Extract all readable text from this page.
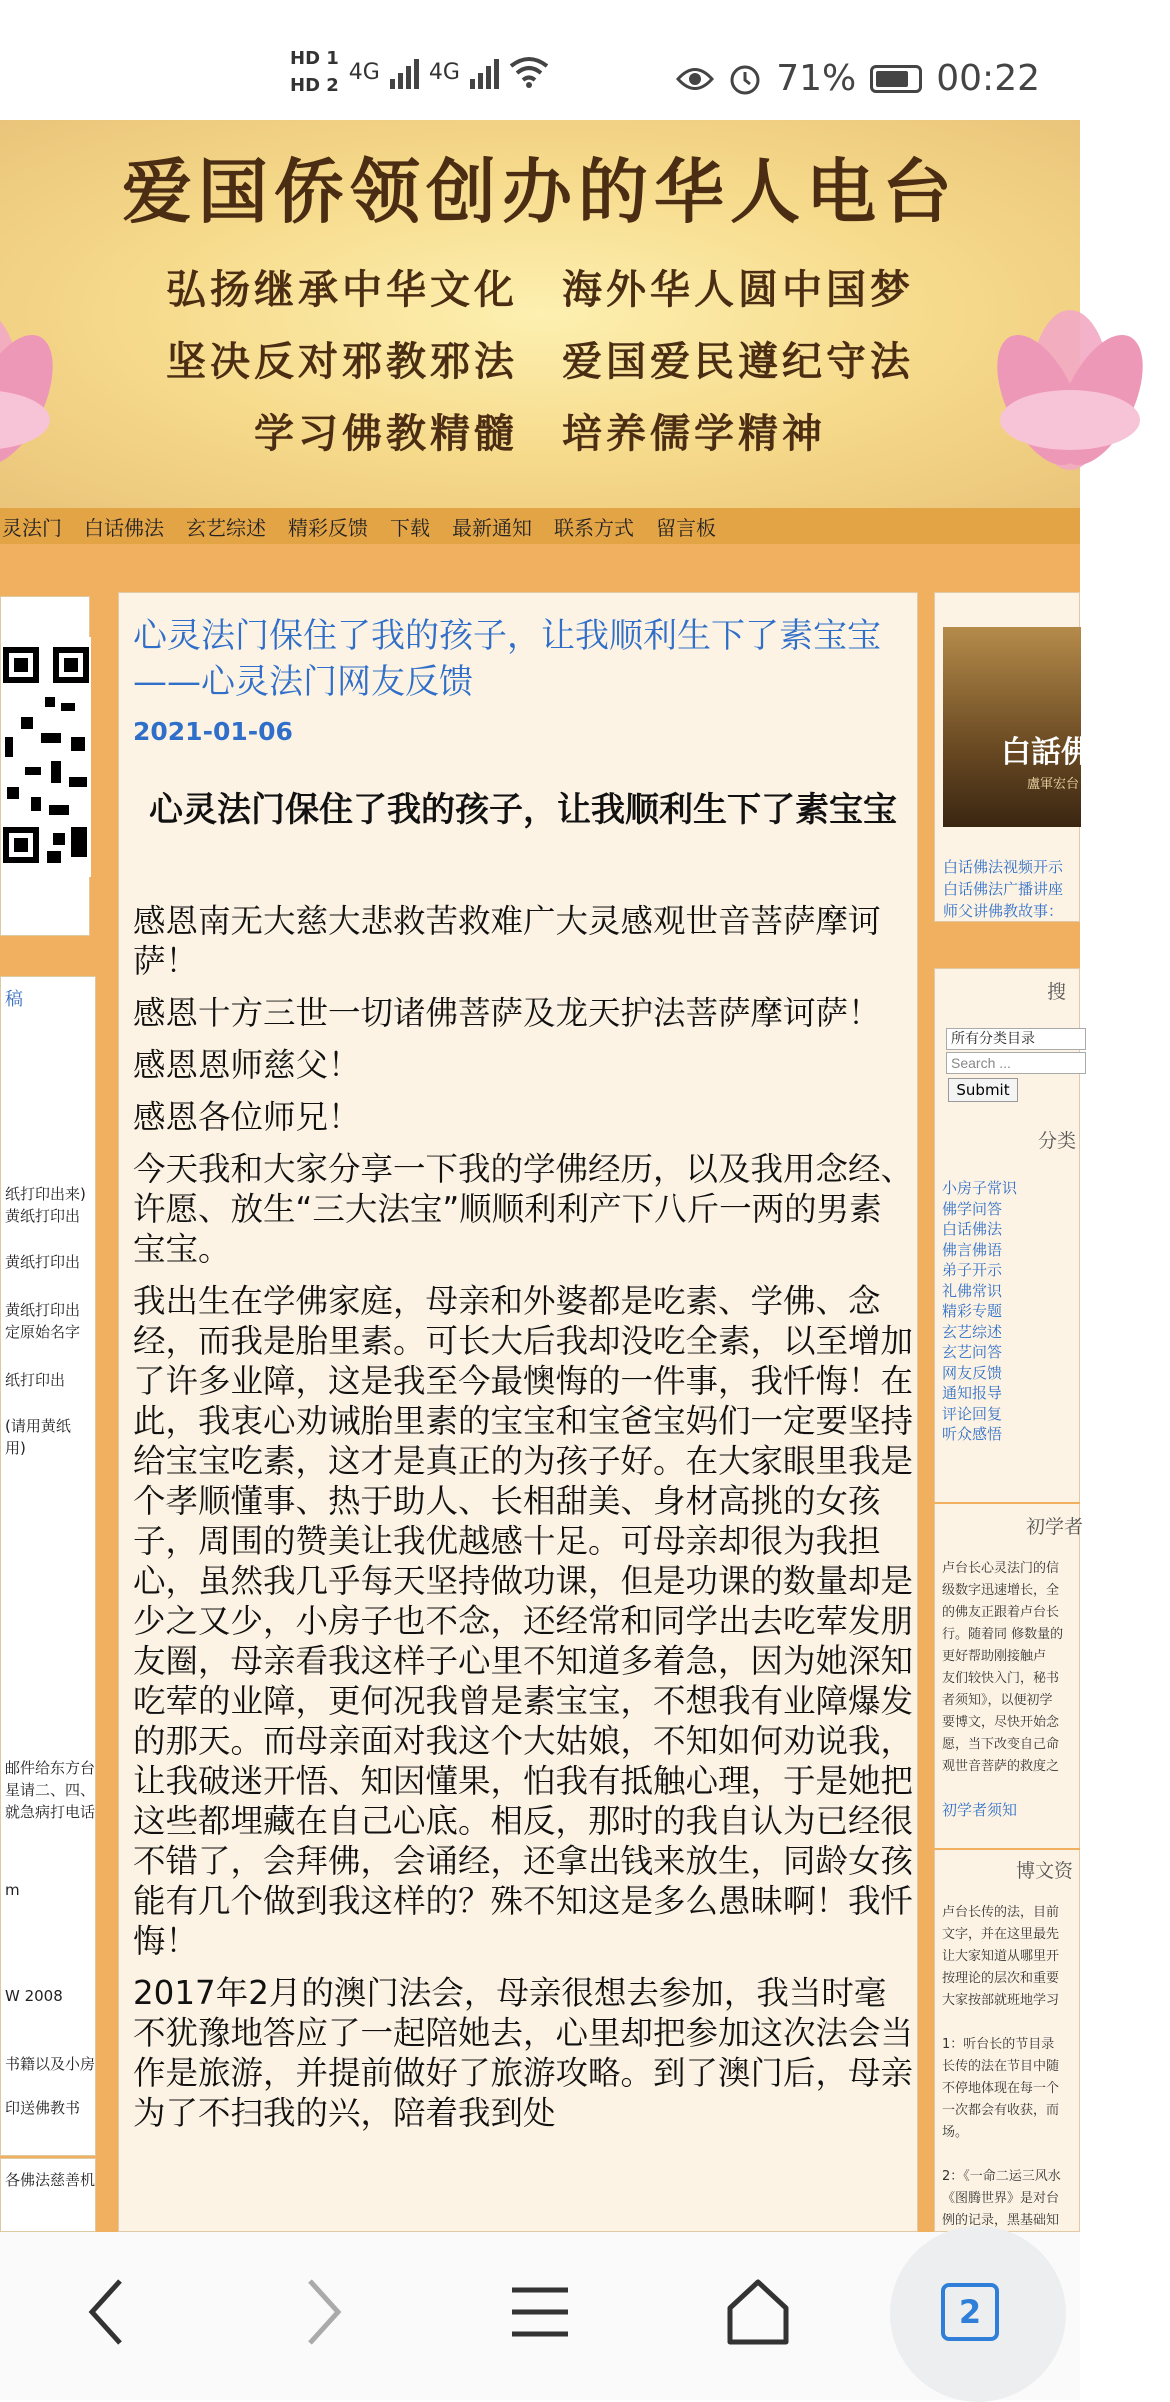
HD 1
HD 2
4G 4G	71% 00:22
爱国侨领创办的华人电台
弘扬继承中华文化　海外华人圆中国梦
坚决反对邪教邪法　爱国爱民遵纪守法
学习佛教精髓　培养儒学精神
灵法门 白话佛法 玄艺综述 精彩反馈 下载 最新通知 联系方式 留言板
稿
纸打印出来)
黄纸打印出
黄纸打印出
黄纸打印出
定原始名字
纸打印出
(请用黄纸
用)
邮件给东方台
星请二、四、
就急病打电话
m
W 2008
书籍以及小房
印送佛教书
各佛法慈善机
心灵法门保住了我的孩子，让我顺利生下了素宝宝——心灵法门网友反馈
2021-01-06
心灵法门保住了我的孩子，让我顺利生下了素宝宝

感恩南无大慈大悲救苦救难广大灵感观世音菩萨摩诃萨！

感恩十方三世一切诸佛菩萨及龙天护法菩萨摩诃萨！

感恩恩师慈父！

感恩各位师兄！

今天我和大家分享一下我的学佛经历，以及我用念经、许愿、放生“三大法宝”顺顺利利产下八斤一两的男素宝宝。

我出生在学佛家庭，母亲和外婆都是吃素、学佛、念经，而我是胎里素。可长大后我却没吃全素，以至增加了许多业障，这是我至今最懊悔的一件事，我忏悔！在此，我衷心劝诫胎里素的宝宝和宝爸宝妈们一定要坚持给宝宝吃素，这才是真正的为孩子好。在大家眼里我是个孝顺懂事、热于助人、长相甜美、身材高挑的女孩子，周围的赞美让我优越感十足。可母亲却很为我担心，虽然我几乎每天坚持做功课，但是功课的数量却是少之又少，小房子也不念，还经常和同学出去吃荤发朋友圈，母亲看我这样子心里不知道多着急，因为她深知吃荤的业障，更何况我曾是素宝宝，不想我有业障爆发的那天。而母亲面对我这个大姑娘，不知如何劝说我，让我破迷开悟、知因懂果，怕我有抵触心理，于是她把这些都埋藏在自己心底。相反，那时的我自认为已经很不错了，会拜佛，会诵经，还拿出钱来放生，同龄女孩能有几个做到我这样的？殊不知这是多么愚昧啊！我忏悔！

2017年2月的澳门法会，母亲很想去参加，我当时毫不犹豫地答应了一起陪她去，心里却把参加这次法会当作是旅游，并提前做好了旅游攻略。到了澳门后，母亲为了不扫我的兴，陪着我到处

白話佛
盧軍宏台
白话佛法视频开示
白话佛法广播讲座
师父讲佛教故事：
搜
所有分类目录
Search ...
Submit
分类
小房子常识
佛学问答
白话佛法
佛言佛语
弟子开示
礼佛常识
精彩专题
玄艺综述
玄艺问答
网友反馈
通知报导
评论回复
听众感悟
初学者
卢台长心灵法门的信
级数字迅速增长，全
的佛友正跟着卢台长
行。随着同 修数量的
更好帮助刚接触卢
友们较快入门，秘书
者须知》，以便初学
要博文，尽快开始念
愿，当下改变自己命
观世音菩萨的救度之
初学者须知
博文资
卢台长传的法，目前
文字，并在这里最先
让大家知道从哪里开
按理论的层次和重要
大家按部就班地学习
1：听台长的节目录
长传的法在节目中随
不停地体现在每一个
一次都会有收获，而
场。
2：《一命二运三风水
《图腾世界》是对台
例的记录，黑基础知
2
